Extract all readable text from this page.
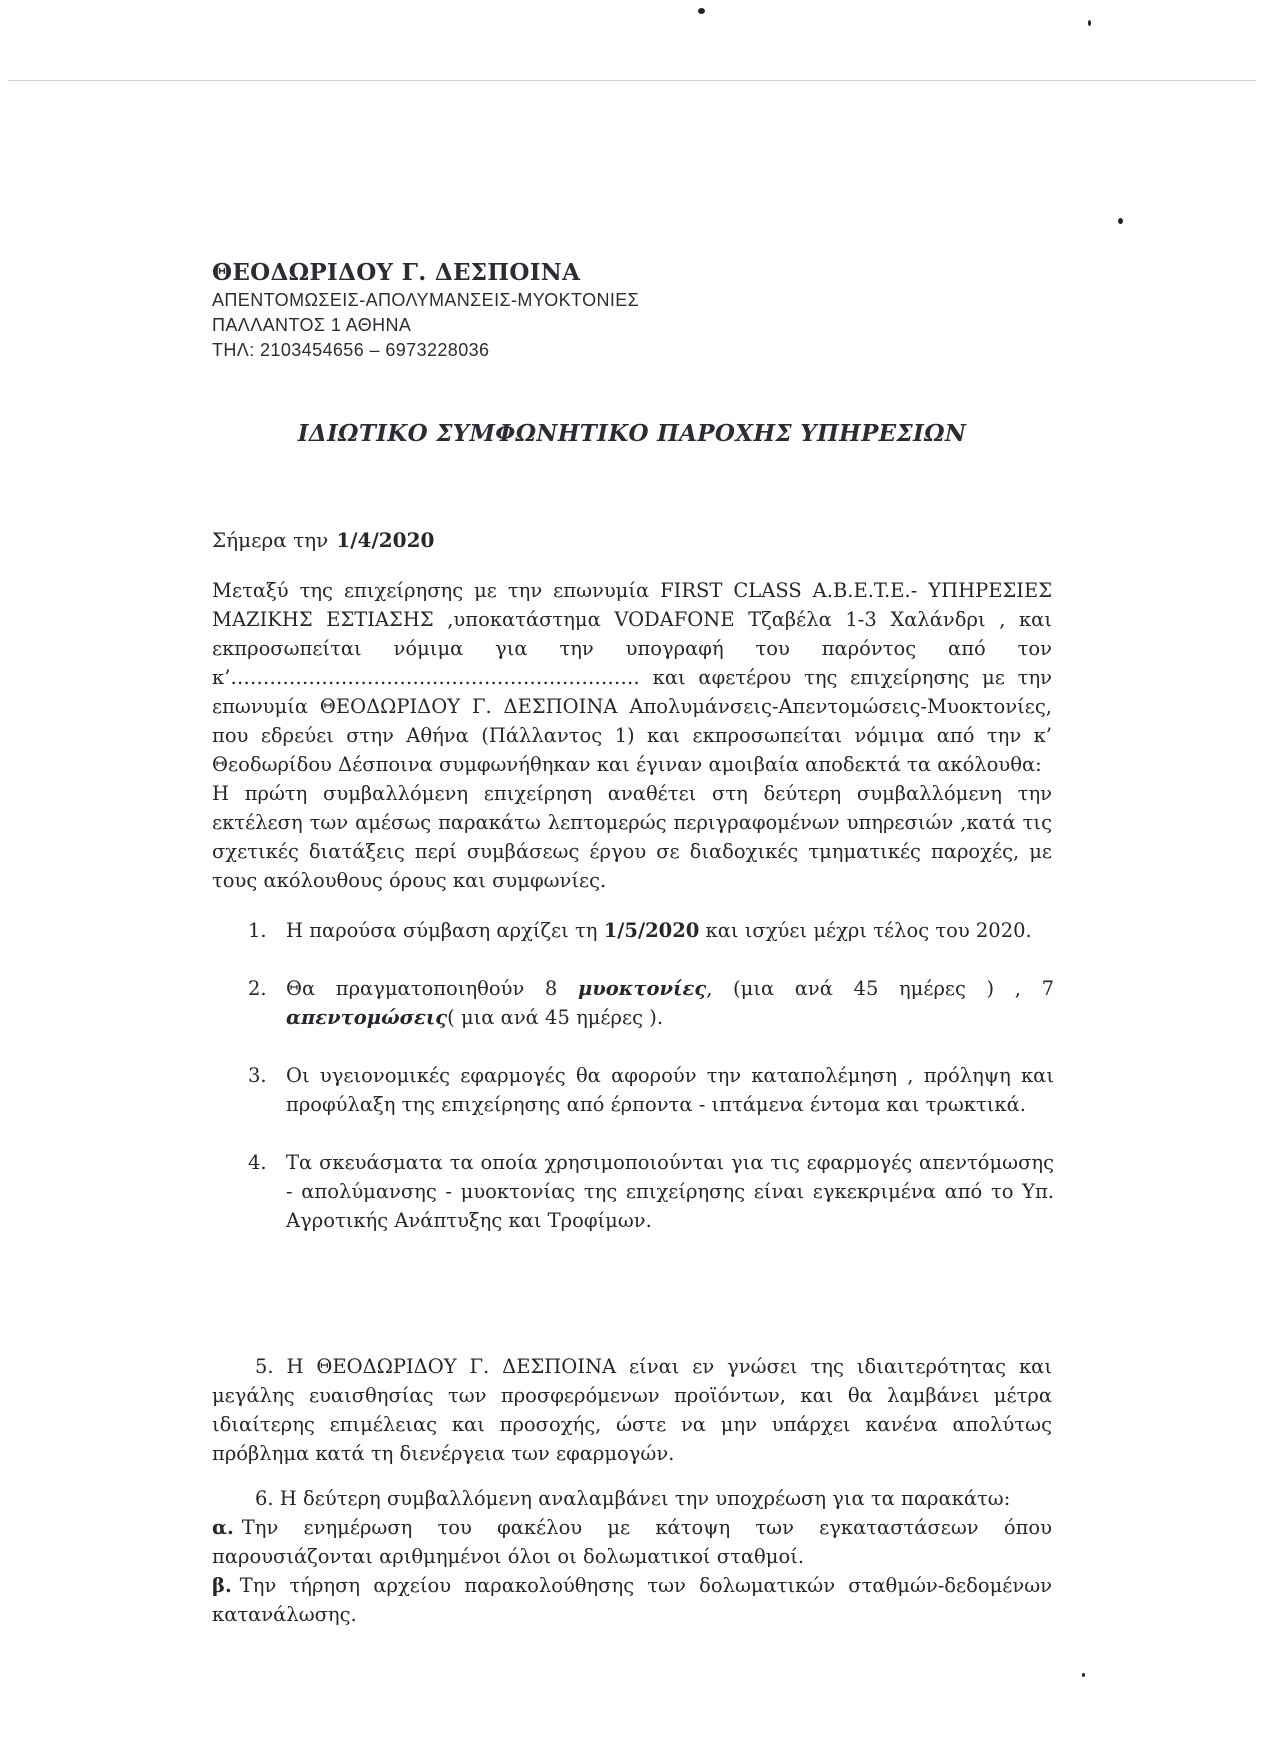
ΘΕΟΔΩΡΙΔΟΥ Γ. ΔΕΣΠΟΙΝΑ
ΑΠΕΝΤΟΜΩΣΕΙΣ-ΑΠΟΛΥΜΑΝΣΕΙΣ-ΜΥΟΚΤΟΝΙΕΣ
ΠΑΛΛΑΝΤΟΣ 1 ΑΘΗΝΑ
ΤΗΛ: 2103454656 – 6973228036
ΙΔΙΩΤΙΚΟ ΣΥΜΦΩΝΗΤΙΚΟ ΠΑΡΟΧΗΣ ΥΠΗΡΕΣΙΩΝ
Σήμερα την 1/4/2020
Μεταξύ της επιχείρησης με την επωνυμία FIRST CLASS A.B.E.T.E.- ΥΠΗΡΕΣΙΕΣ ΜΑΖΙΚΗΣ ΕΣΤΙΑΣΗΣ ,υποκατάστημα VODAFONE Τζαβέλα 1-3 Χαλάνδρι , και εκπροσωπείται νόμιμα για την υπογραφή του παρόντος από τον κ’……………………………………………………… και αφετέρου της επιχείρησης με την επωνυμία ΘΕΟΔΩΡΙΔΟΥ Γ. ΔΕΣΠΟΙΝΑ Απολυμάνσεις-Απεντομώσεις-Μυοκτονίες, που εδρεύει στην Αθήνα (Πάλλαντος 1) και εκπροσωπείται νόμιμα από την κ’ Θεοδωρίδου Δέσποινα συμφωνήθηκαν και έγιναν αμοιβαία αποδεκτά τα ακόλουθα:
Η πρώτη συμβαλλόμενη επιχείρηση αναθέτει στη δεύτερη συμβαλλόμενη την εκτέλεση των αμέσως παρακάτω λεπτομερώς περιγραφομένων υπηρεσιών ,κατά τις σχετικές διατάξεις περί συμβάσεως έργου σε διαδοχικές τμηματικές παροχές, με τους ακόλουθους όρους και συμφωνίες.
1. Η παρούσα σύμβαση αρχίζει τη 1/5/2020 και ισχύει μέχρι τέλος του 2020.
2. Θα πραγματοποιηθούν 8 μυοκτονίες, (μια ανά 45 ημέρες ) , 7 απεντομώσεις( μια ανά 45 ημέρες ).
3. Οι υγειονομικές εφαρμογές θα αφορούν την καταπολέμηση , πρόληψη και προφύλαξη της επιχείρησης από έρποντα - ιπτάμενα έντομα και τρωκτικά.
4. Τα σκευάσματα τα οποία χρησιμοποιούνται για τις εφαρμογές απεντόμωσης - απολύμανσης - μυοκτονίας της επιχείρησης είναι εγκεκριμένα από το Υπ. Αγροτικής Ανάπτυξης και Τροφίμων.
5. Η ΘΕΟΔΩΡΙΔΟΥ Γ. ΔΕΣΠΟΙΝΑ είναι εν γνώσει της ιδιαιτερότητας και μεγάλης ευαισθησίας των προσφερόμενων προϊόντων, και θα λαμβάνει μέτρα ιδιαίτερης επιμέλειας και προσοχής, ώστε να μην υπάρχει κανένα απολύτως πρόβλημα κατά τη διενέργεια των εφαρμογών.
6. Η δεύτερη συμβαλλόμενη αναλαμβάνει την υποχρέωση για τα παρακάτω:
α. Την ενημέρωση του φακέλου με κάτοψη των εγκαταστάσεων όπου παρουσιάζονται αριθμημένοι όλοι οι δολωματικοί σταθμοί.
β. Την τήρηση αρχείου παρακολούθησης των δολωματικών σταθμών-δεδομένων κατανάλωσης.
